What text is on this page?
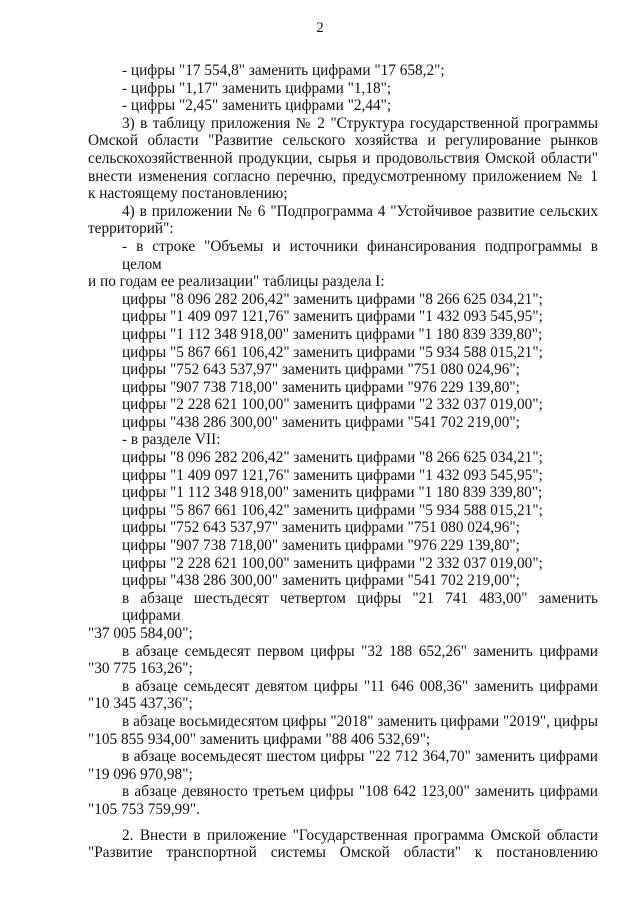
2
- цифры "17 554,8" заменить цифрами "17 658,2";
- цифры "1,17" заменить цифрами "1,18";
- цифры "2,45" заменить цифрами "2,44";
3) в таблицу приложения № 2 "Структура государственной программы
Омской области "Развитие сельского хозяйства и регулирование рынков
сельскохозяйственной продукции, сырья и продовольствия Омской области"
внести изменения согласно перечню, предусмотренному приложением № 1
к настоящему постановлению;
4) в приложении № 6 "Подпрограмма 4 "Устойчивое развитие сельских
территорий":
- в строке "Объемы и источники финансирования подпрограммы в целом
и по годам ее реализации" таблицы раздела I:
цифры "8 096 282 206,42" заменить цифрами "8 266 625 034,21";
цифры "1 409 097 121,76" заменить цифрами "1 432 093 545,95";
цифры "1 112 348 918,00" заменить цифрами "1 180 839 339,80";
цифры "5 867 661 106,42" заменить цифрами "5 934 588 015,21";
цифры "752 643 537,97" заменить цифрами "751 080 024,96";
цифры "907 738 718,00" заменить цифрами "976 229 139,80";
цифры "2 228 621 100,00" заменить цифрами "2 332 037 019,00";
цифры "438 286 300,00" заменить цифрами "541 702 219,00";
- в разделе VII:
цифры "8 096 282 206,42" заменить цифрами "8 266 625 034,21";
цифры "1 409 097 121,76" заменить цифрами "1 432 093 545,95";
цифры "1 112 348 918,00" заменить цифрами "1 180 839 339,80";
цифры "5 867 661 106,42" заменить цифрами "5 934 588 015,21";
цифры "752 643 537,97" заменить цифрами "751 080 024,96";
цифры "907 738 718,00" заменить цифрами "976 229 139,80";
цифры "2 228 621 100,00" заменить цифрами "2 332 037 019,00";
цифры "438 286 300,00" заменить цифрами "541 702 219,00";
в абзаце шестьдесят четвертом цифры "21 741 483,00" заменить цифрами
"37 005 584,00";
в абзаце семьдесят первом цифры "32 188 652,26" заменить цифрами
"30 775 163,26";
в абзаце семьдесят девятом цифры "11 646 008,36" заменить цифрами
"10 345 437,36";
в абзаце восьмидесятом цифры "2018" заменить цифрами "2019", цифры
"105 855 934,00" заменить цифрами "88 406 532,69";
в абзаце восемьдесят шестом цифры "22 712 364,70" заменить цифрами
"19 096 970,98";
в абзаце девяносто третьем цифры "108 642 123,00" заменить цифрами
"105 753 759,99".
2. Внести в приложение "Государственная программа Омской области
"Развитие транспортной системы Омской области" к постановлению
